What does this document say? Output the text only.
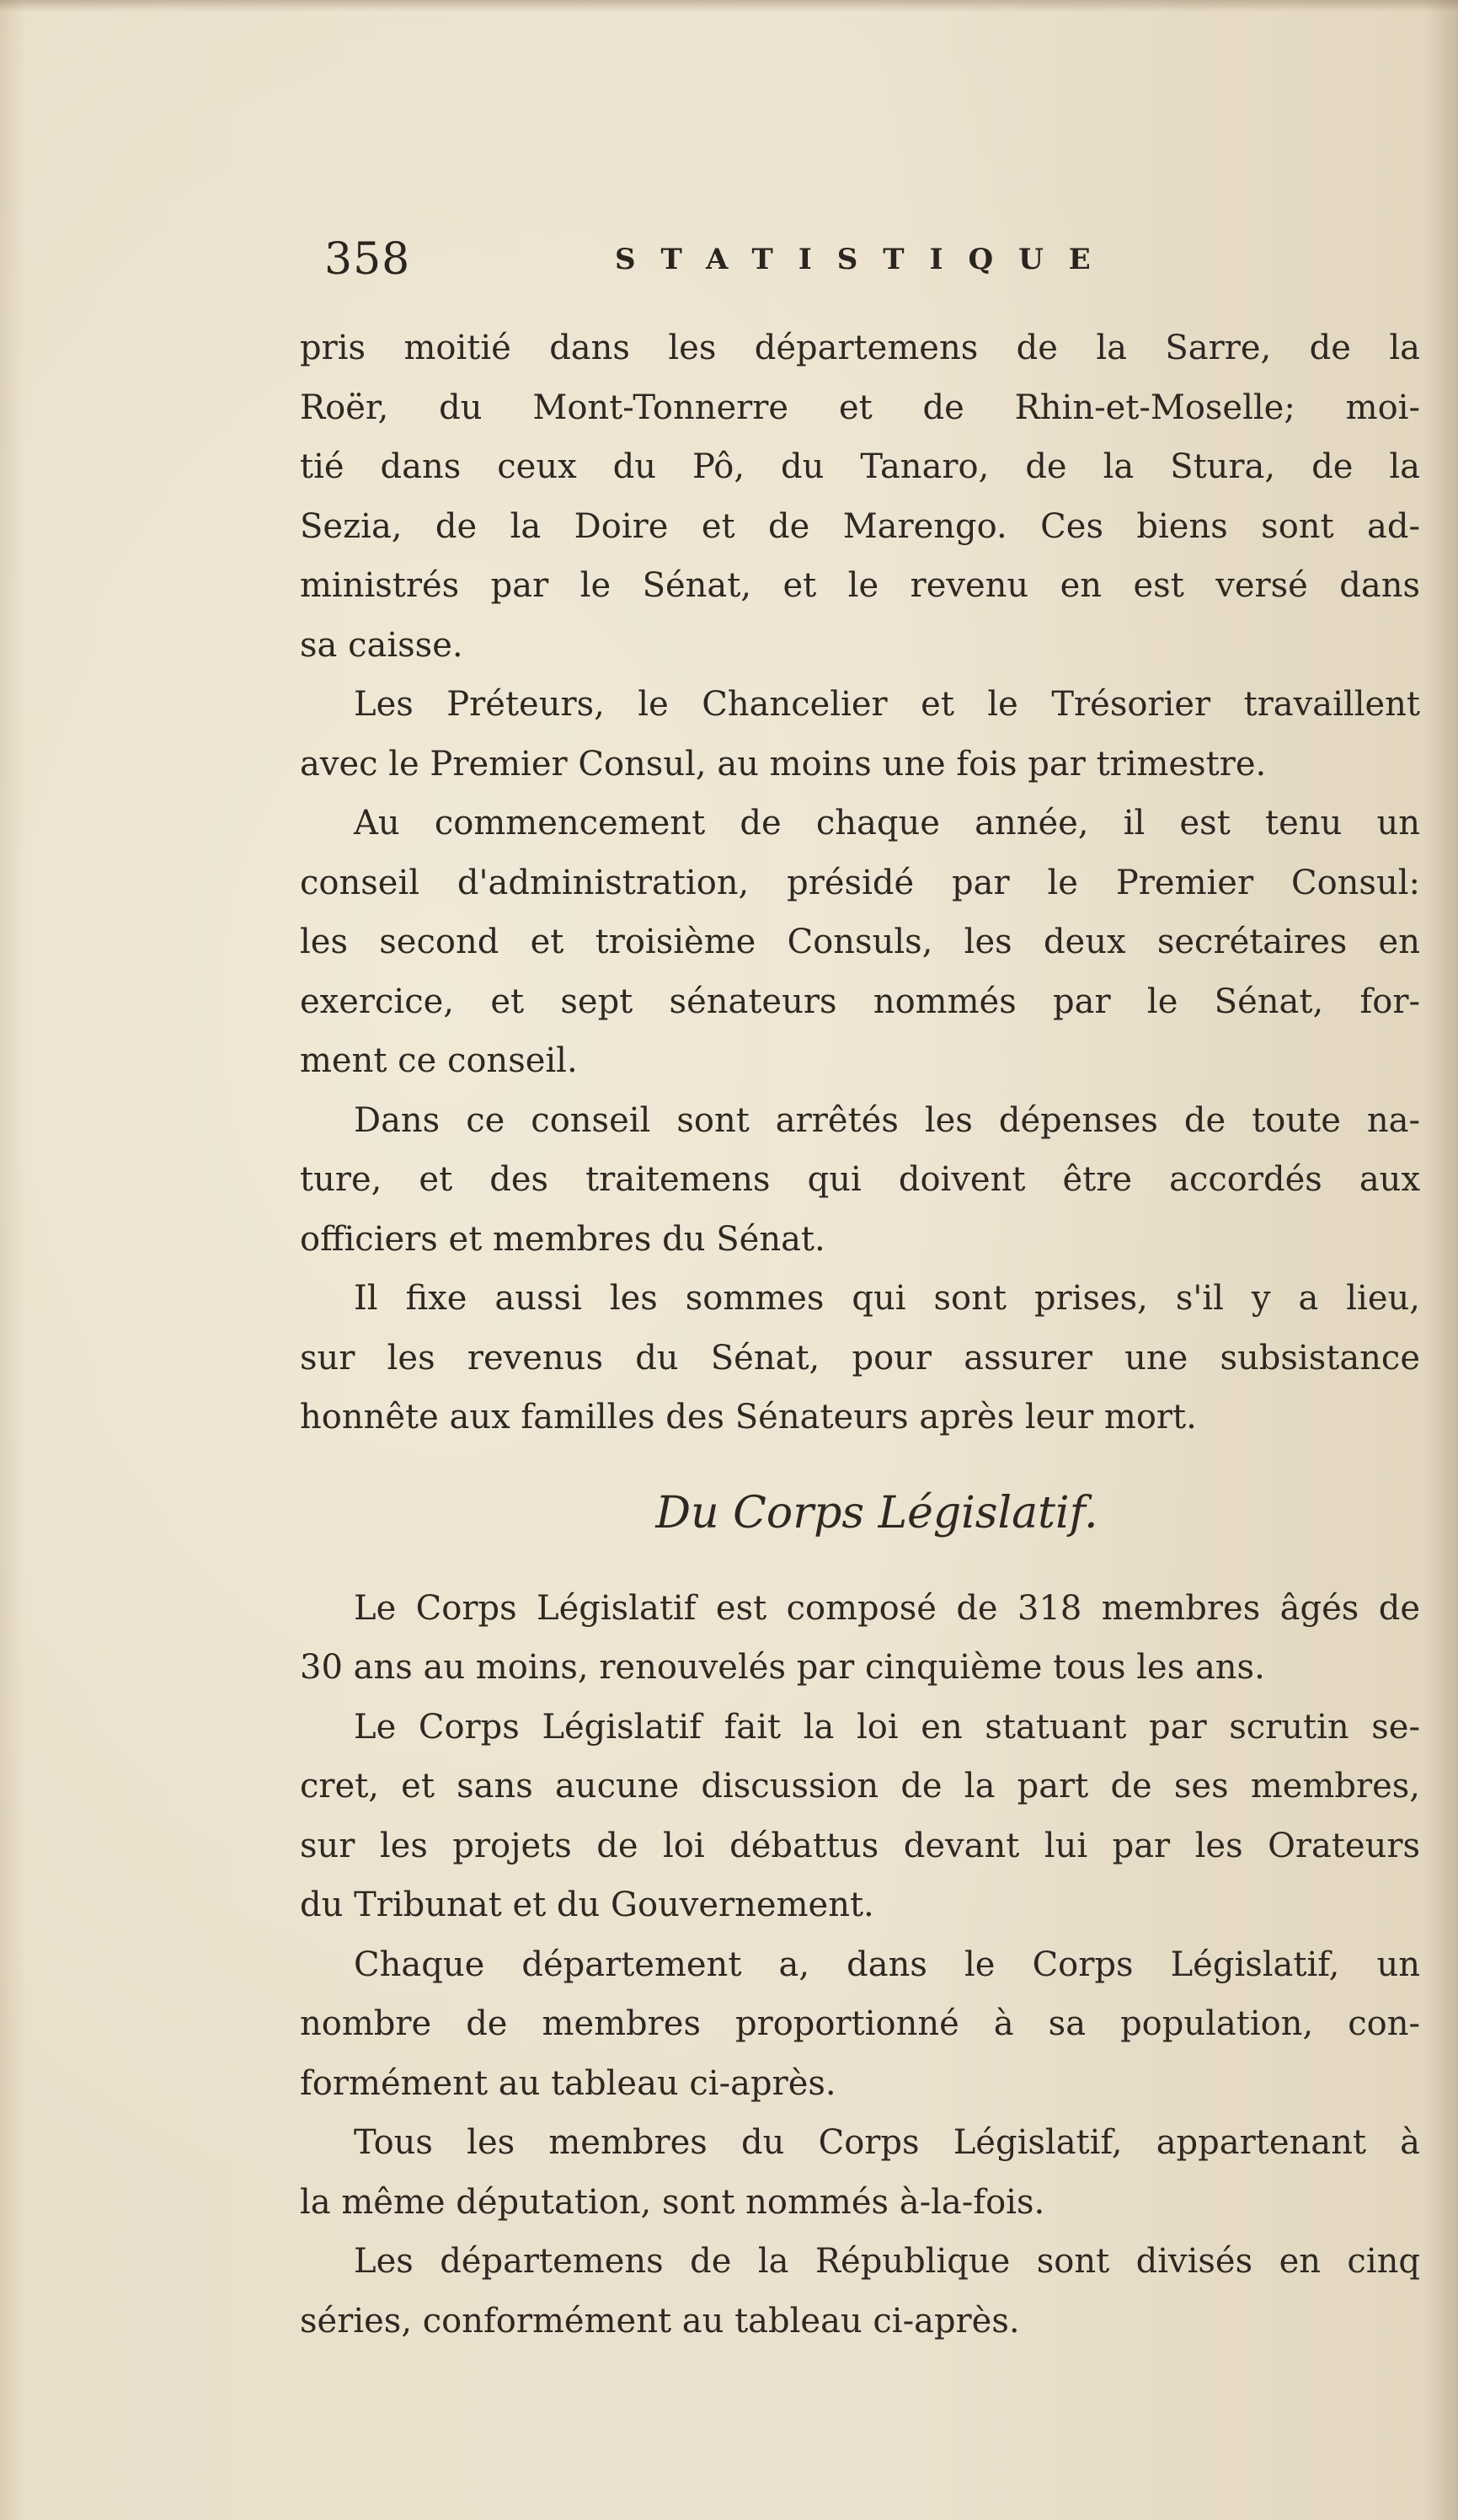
358	STATISTIQUE
pris moitié dans les départemens de la Sarre, de la
Roër, du Mont-Tonnerre et de Rhin-et-Moselle; moi-
tié dans ceux du Pô, du Tanaro, de la Stura, de la
Sezia, de la Doire et de Marengo. Ces biens sont ad-
ministrés par le Sénat, et le revenu en est versé dans
sa caisse.
Les Préteurs, le Chancelier et le Trésorier travaillent
avec le Premier Consul, au moins une fois par trimestre.
Au commencement de chaque année, il est tenu un
conseil d'administration, présidé par le Premier Consul:
les second et troisième Consuls, les deux secrétaires en
exercice, et sept sénateurs nommés par le Sénat, for-
ment ce conseil.
Dans ce conseil sont arrêtés les dépenses de toute na-
ture, et des traitemens qui doivent être accordés aux
officiers et membres du Sénat.
Il fixe aussi les sommes qui sont prises, s'il y a lieu,
sur les revenus du Sénat, pour assurer une subsistance
honnête aux familles des Sénateurs après leur mort.
Du Corps Législatif.
Le Corps Législatif est composé de 318 membres âgés de
30 ans au moins, renouvelés par cinquième tous les ans.
Le Corps Législatif fait la loi en statuant par scrutin se-
cret, et sans aucune discussion de la part de ses membres,
sur les projets de loi débattus devant lui par les Orateurs
du Tribunat et du Gouvernement.
Chaque département a, dans le Corps Législatif, un
nombre de membres proportionné à sa population, con-
formément au tableau ci-après.
Tous les membres du Corps Législatif, appartenant à
la même députation, sont nommés à-la-fois.
Les départemens de la République sont divisés en cinq
séries, conformément au tableau ci-après.
